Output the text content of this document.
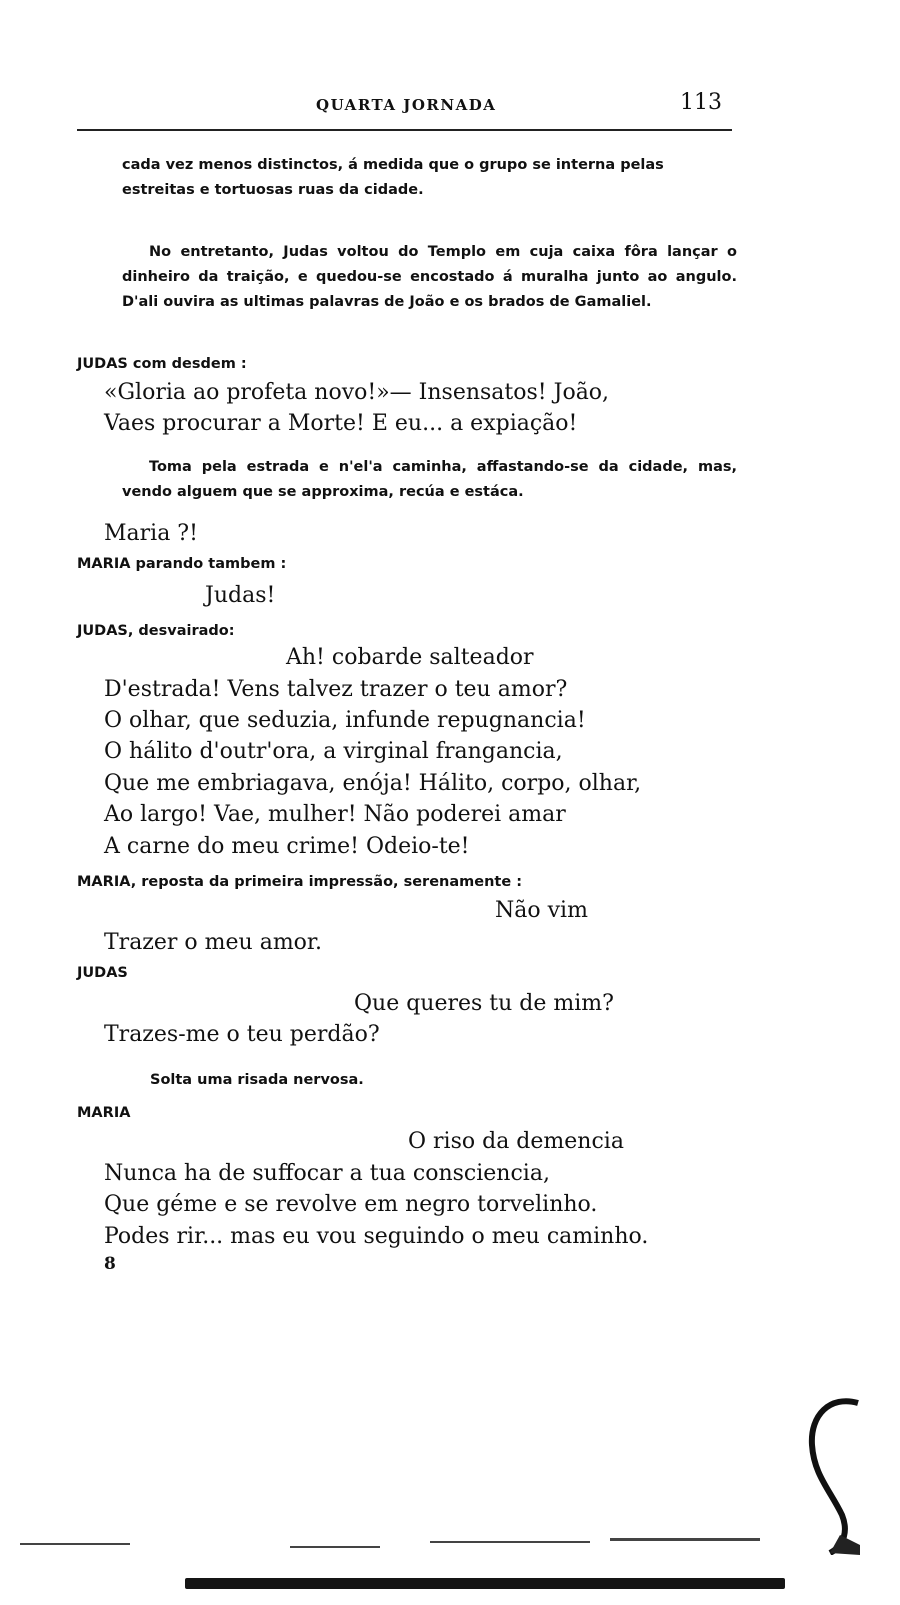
QUARTA JORNADA	113
cada vez menos distinctos, á medida que o grupo se interna pelas estreitas e tortuosas ruas da cidade.
No entretanto, Judas voltou do Templo em cuja caixa fôra lançar o dinheiro da traição, e quedou-se encostado á muralha junto ao angulo. D'ali ouvira as ultimas palavras de João e os brados de Gamaliel.
JUDAS com desdem :
«Gloria ao profeta novo!»— Insensatos! João,
Vaes procurar a Morte! E eu... a expiação!
Toma pela estrada e n'el'a caminha, affastando-se da cidade, mas, vendo alguem que se approxima, recúa e estáca.
Maria ?!
MARIA parando tambem :
Judas!
JUDAS, desvairado:
Ah! cobarde salteador
D'estrada! Vens talvez trazer o teu amor?
O olhar, que seduzia, infunde repugnancia!
O hálito d'outr'ora, a virginal frangancia,
Que me embriagava, enója! Hálito, corpo, olhar,
Ao largo! Vae, mulher! Não poderei amar
A carne do meu crime! Odeio-te!
MARIA, reposta da primeira impressão, serenamente :
Não vim
Trazer o meu amor.
JUDAS
Que queres tu de mim?
Trazes-me o teu perdão?
Solta uma risada nervosa.
MARIA
O riso da demencia
Nunca ha de suffocar a tua consciencia,
Que géme e se revolve em negro torvelinho.
Podes rir... mas eu vou seguindo o meu caminho.
8
